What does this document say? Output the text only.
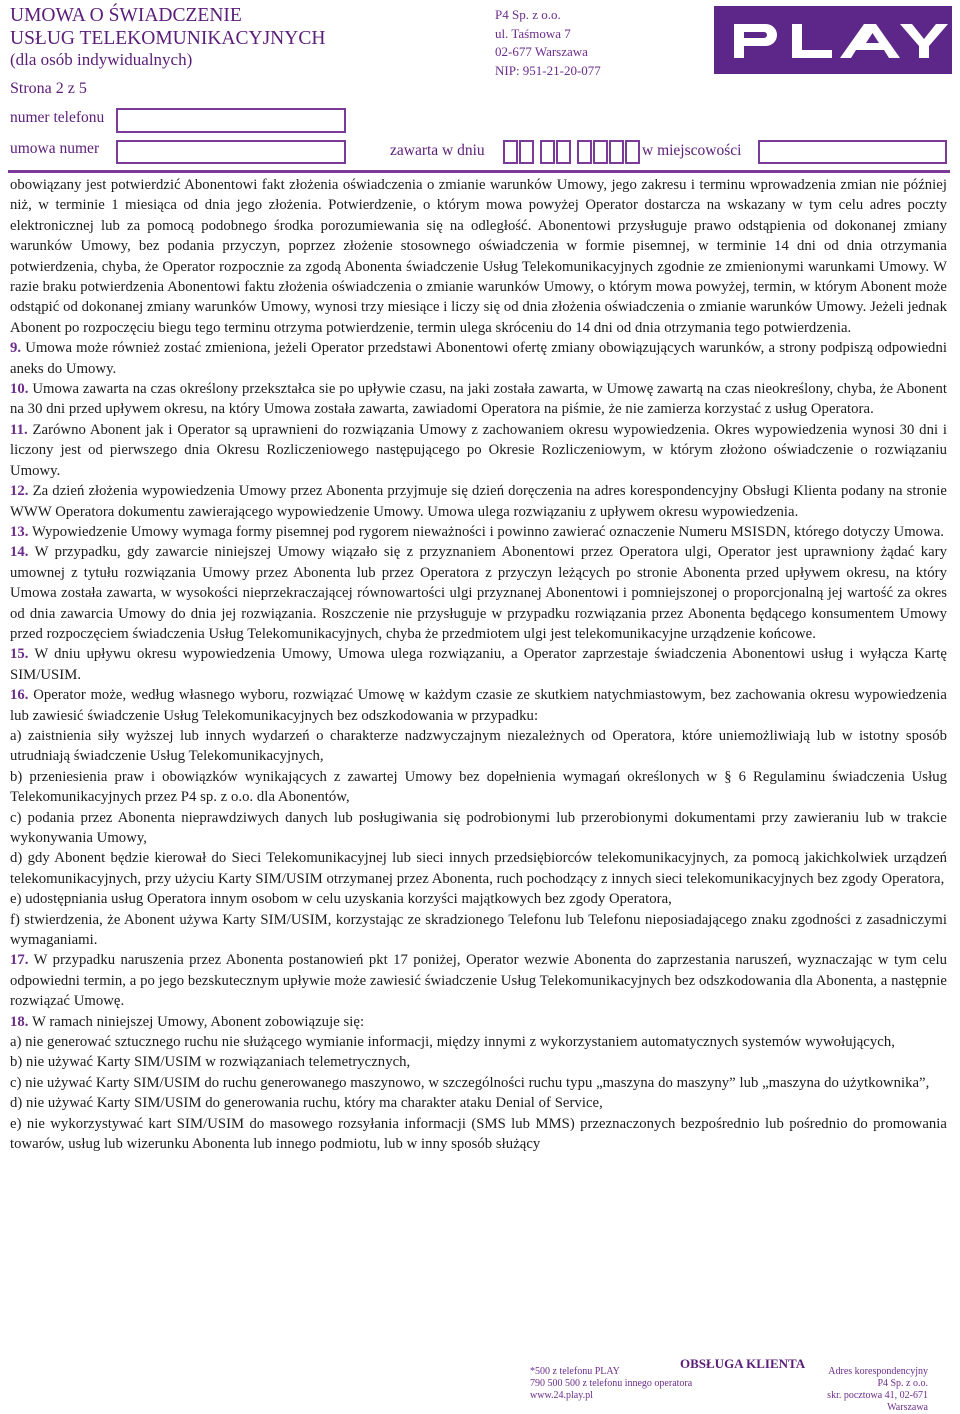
UMOWA O ŚWIADCZENIE
USŁUG TELEKOMUNIKACYJNYCH
(dla osób indywidualnych)
P4 Sp. z o.o.
ul. Taśmowa 7
02-677 Warszawa
NIP: 951-21-20-077
Strona 2 z 5
numer telefonu
umowa numer	zawarta w dniu	w miejscowości

obowiązany jest potwierdzić Abonentowi fakt złożenia oświadczenia o zmianie warunków Umowy, jego zakresu i terminu wprowadzenia zmian nie później niż, w terminie 1 miesiąca od dnia jego złożenia. Potwierdzenie, o którym mowa powyżej Operator dostarcza na wskazany w tym celu adres poczty elektronicznej lub za pomocą podobnego środka porozumiewania się na odległość. Abonentowi przysługuje prawo odstąpienia od dokonanej zmiany warunków Umowy, bez podania przyczyn, poprzez złożenie stosownego oświadczenia w formie pisemnej, w terminie 14 dni od dnia otrzymania potwierdzenia, chyba, że Operator rozpocznie za zgodą Abonenta świadczenie Usług Telekomunikacyjnych zgodnie ze zmienionymi warunkami Umowy. W razie braku potwierdzenia Abonentowi faktu złożenia oświadczenia o zmianie warunków Umowy, o którym mowa powyżej, termin, w którym Abonent może odstąpić od dokonanej zmiany warunków Umowy, wynosi trzy miesiące i liczy się od dnia złożenia oświadczenia o zmianie warunków Umowy. Jeżeli jednak Abonent po rozpoczęciu biegu tego terminu otrzyma potwierdzenie, termin ulega skróceniu do 14 dni od dnia otrzymania tego potwierdzenia.

9. Umowa może również zostać zmieniona, jeżeli Operator przedstawi Abonentowi ofertę zmiany obowiązujących warunków, a strony podpiszą odpowiedni aneks do Umowy.

10. Umowa zawarta na czas określony przekształca sie po upływie czasu, na jaki została zawarta, w Umowę zawartą na czas nieokreślony, chyba, że Abonent na 30 dni przed upływem okresu, na który Umowa została zawarta, zawiadomi Operatora na piśmie, że nie zamierza korzystać z usług Operatora.

11. Zarówno Abonent jak i Operator są uprawnieni do rozwiązania Umowy z zachowaniem okresu wypowiedzenia. Okres wypowiedzenia wynosi 30 dni i liczony jest od pierwszego dnia Okresu Rozliczeniowego następującego po Okresie Rozliczeniowym, w którym złożono oświadczenie o rozwiązaniu Umowy.

12. Za dzień złożenia wypowiedzenia Umowy przez Abonenta przyjmuje się dzień doręczenia na adres korespondencyjny Obsługi Klienta podany na stronie WWW Operatora dokumentu zawierającego wypowiedzenie Umowy. Umowa ulega rozwiązaniu z upływem okresu wypowiedzenia.

13. Wypowiedzenie Umowy wymaga formy pisemnej pod rygorem nieważności i powinno zawierać oznaczenie Numeru MSISDN, którego dotyczy Umowa.

14. W przypadku, gdy zawarcie niniejszej Umowy wiązało się z przyznaniem Abonentowi przez Operatora ulgi, Operator jest uprawniony żądać kary umownej z tytułu rozwiązania Umowy przez Abonenta lub przez Operatora z przyczyn leżących po stronie Abonenta przed upływem okresu, na który Umowa została zawarta, w wysokości nieprzekraczającej równowartości ulgi przyznanej Abonentowi i pomniejszonej o proporcjonalną jej wartość za okres od dnia zawarcia Umowy do dnia jej rozwiązania. Roszczenie nie przysługuje w przypadku rozwiązania przez Abonenta będącego konsumentem Umowy przed rozpoczęciem świadczenia Usług Telekomunikacyjnych, chyba że przedmiotem ulgi jest telekomunikacyjne urządzenie końcowe.

15. W dniu upływu okresu wypowiedzenia Umowy, Umowa ulega rozwiązaniu, a Operator zaprzestaje świadczenia Abonentowi usług i wyłącza Kartę SIM/USIM.

16. Operator może, według własnego wyboru, rozwiązać Umowę w każdym czasie ze skutkiem natychmiastowym, bez zachowania okresu wypowiedzenia lub zawiesić świadczenie Usług Telekomunikacyjnych bez odszkodowania w przypadku:

a) zaistnienia siły wyższej lub innych wydarzeń o charakterze nadzwyczajnym niezależnych od Operatora, które uniemożliwiają lub w istotny sposób utrudniają świadczenie Usług Telekomunikacyjnych,

b) przeniesienia praw i obowiązków wynikających z zawartej Umowy bez dopełnienia wymagań określonych w § 6 Regulaminu świadczenia Usług Telekomunikacyjnych przez P4 sp. z o.o. dla Abonentów,

c) podania przez Abonenta nieprawdziwych danych lub posługiwania się podrobionymi lub przerobionymi dokumentami przy zawieraniu lub w trakcie wykonywania Umowy,

d) gdy Abonent będzie kierował do Sieci Telekomunikacyjnej lub sieci innych przedsiębiorców telekomunikacyjnych, za pomocą jakichkolwiek urządzeń telekomunikacyjnych, przy użyciu Karty SIM/USIM otrzymanej przez Abonenta, ruch pochodzący z innych sieci telekomunikacyjnych bez zgody Operatora,

e) udostępniania usług Operatora innym osobom w celu uzyskania korzyści majątkowych bez zgody Operatora,

f) stwierdzenia, że Abonent używa Karty SIM/USIM, korzystając ze skradzionego Telefonu lub Telefonu nieposiadającego znaku zgodności z zasadniczymi wymaganiami.

17. W przypadku naruszenia przez Abonenta postanowień pkt 17 poniżej, Operator wezwie Abonenta do zaprzestania naruszeń, wyznaczając w tym celu odpowiedni termin, a po jego bezskutecznym upływie może zawiesić świadczenie Usług Telekomunikacyjnych bez odszkodowania dla Abonenta, a następnie rozwiązać Umowę.

18. W ramach niniejszej Umowy, Abonent zobowiązuje się:

a) nie generować sztucznego ruchu nie służącego wymianie informacji, między innymi z wykorzystaniem automatycznych systemów wywołujących,

b) nie używać Karty SIM/USIM w rozwiązaniach telemetrycznych,

c) nie używać Karty SIM/USIM do ruchu generowanego maszynowo, w szczególności ruchu typu „maszyna do maszyny” lub „maszyna do użytkownika”,

d) nie używać Karty SIM/USIM do generowania ruchu, który ma charakter ataku Denial of Service,

e) nie wykorzystywać kart SIM/USIM do masowego rozsyłania informacji (SMS lub MMS) przeznaczonych bezpośrednio lub pośrednio do promowania towarów, usług lub wizerunku Abonenta lub innego podmiotu, lub w inny sposób służący

*500 z telefonu PLAY
790 500 500 z telefonu innego operatora
www.24.play.pl
OBSŁUGA KLIENTA
Adres korespondencyjny
P4 Sp. z o.o.
skr. pocztowa 41, 02-671 Warszawa
